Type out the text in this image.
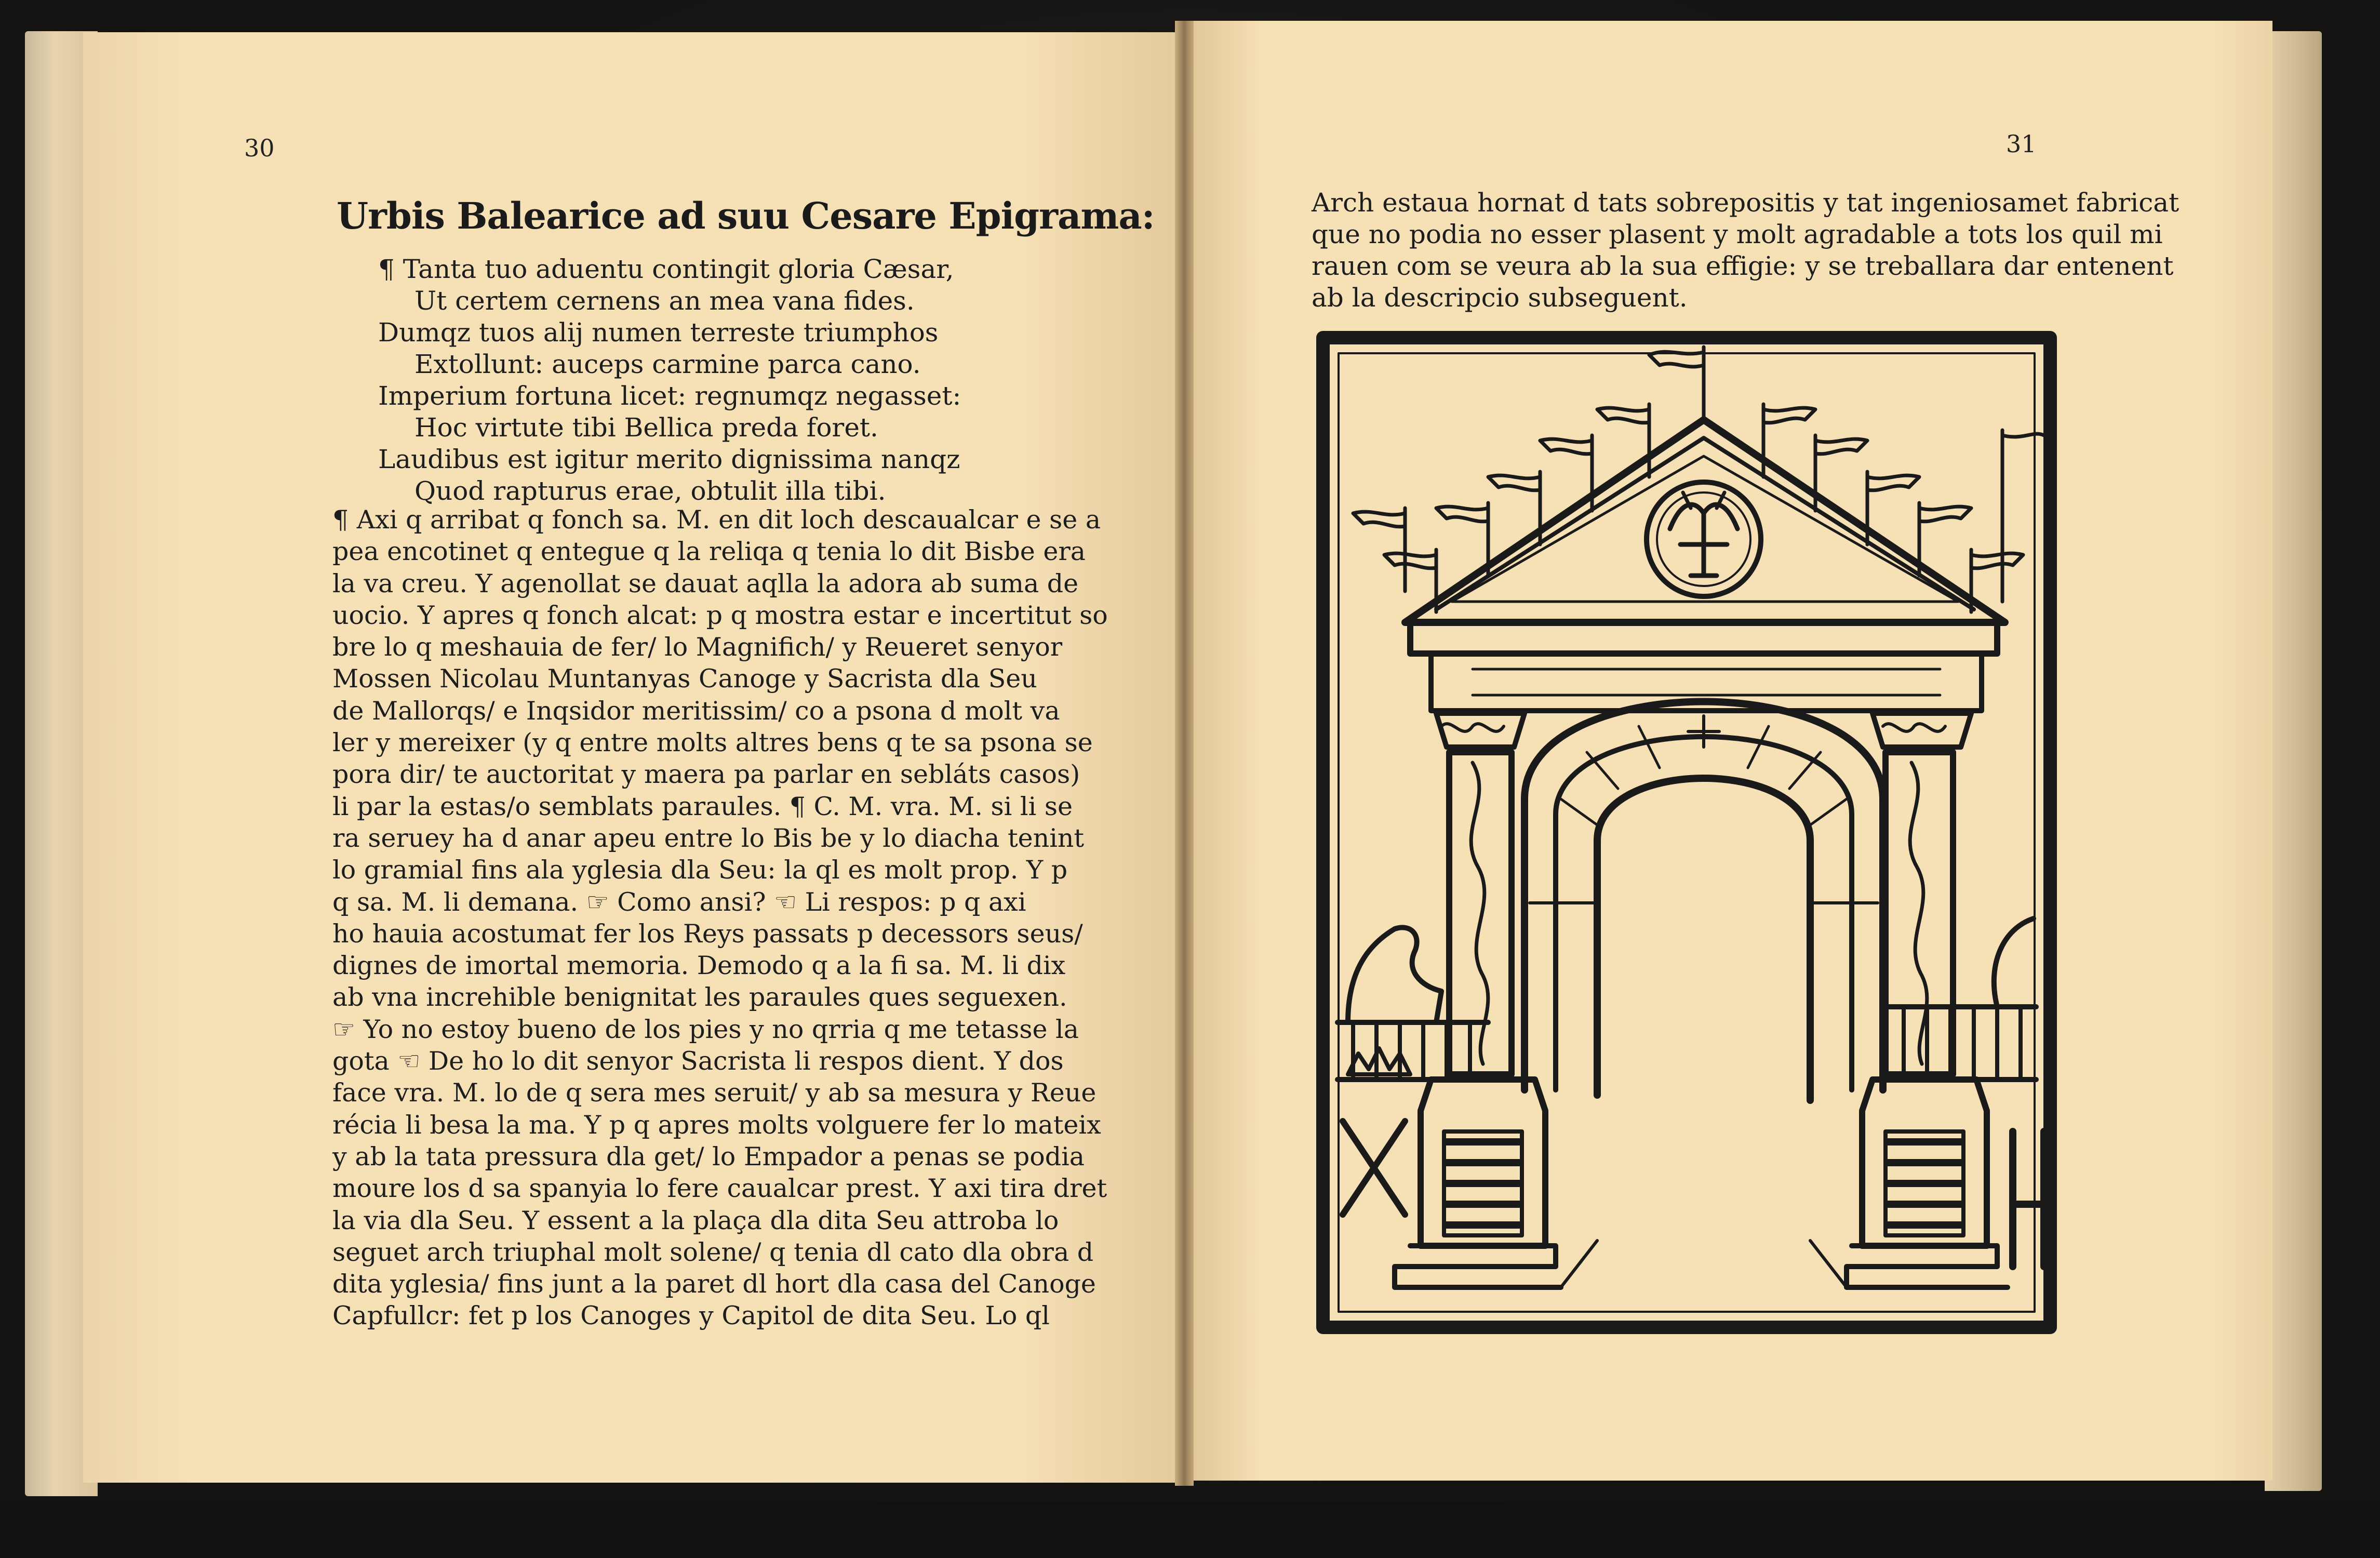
30
Urbis Balearice ad suu Cesare Epigrama:
¶ Tanta tuo aduentu contingit gloria Cæsar,
Ut certem cernens an mea vana fides.
Dumqz tuos alij numen terreste triumphos
Extollunt: auceps carmine parca cano.
Imperium fortuna licet: regnumqz negasset:
Hoc virtute tibi Bellica preda foret.
Laudibus est igitur merito dignissima nanqz
Quod rapturus erae, obtulit illa tibi.
¶ Axi q arribat q fonch sa. M. en dit loch descaualcar e se a
pea encotinet q entegue q la reliqa q tenia lo dit Bisbe era
la va creu. Y agenollat se dauat aqlla la adora ab suma de
uocio. Y apres q fonch alcat: p q mostra estar e incertitut so
bre lo q meshauia de fer/ lo Magnifich/ y Reueret senyor
Mossen Nicolau Muntanyas Canoge y Sacrista dla Seu
de Mallorqs/ e Inqsidor meritissim/ co a psona d molt va
ler y mereixer (y q entre molts altres bens q te sa psona se
pora dir/ te auctoritat y maera pa parlar en sebláts casos)
li par la estas/o semblats paraules. ¶ C. M. vra. M. si li se
ra seruey ha d anar apeu entre lo Bis be y lo diacha tenint
lo gramial fins ala yglesia dla Seu: la ql es molt prop. Y p
q sa. M. li demana. ☞ Como ansi? ☜ Li respos: p q axi
ho hauia acostumat fer los Reys passats p decessors seus/
dignes de imortal memoria. Demodo q a la fi sa. M. li dix
ab vna increhible benignitat les paraules ques seguexen.
☞ Yo no estoy bueno de los pies y no qrria q me tetasse la
gota ☜ De ho lo dit senyor Sacrista li respos dient. Y dos
face vra. M. lo de q sera mes seruit/ y ab sa mesura y Reue
récia li besa la ma. Y p q apres molts volguere fer lo mateix
y ab la tata pressura dla get/ lo Empador a penas se podia
moure los d sa spanyia lo fere caualcar prest. Y axi tira dret
la via dla Seu. Y essent a la plaça dla dita Seu attroba lo
seguet arch triuphal molt solene/ q tenia dl cato dla obra d
dita yglesia/ fins junt a la paret dl hort dla casa del Canoge
Capfullcr: fet p los Canoges y Capitol de dita Seu. Lo ql
31
Arch estaua hornat d tats sobrepositis y tat ingeniosamet fabricat
que no podia no esser plasent y molt agradable a tots los quil mi
rauen com se veura ab la sua effigie: y se treballara dar entenent
ab la descripcio subseguent.
